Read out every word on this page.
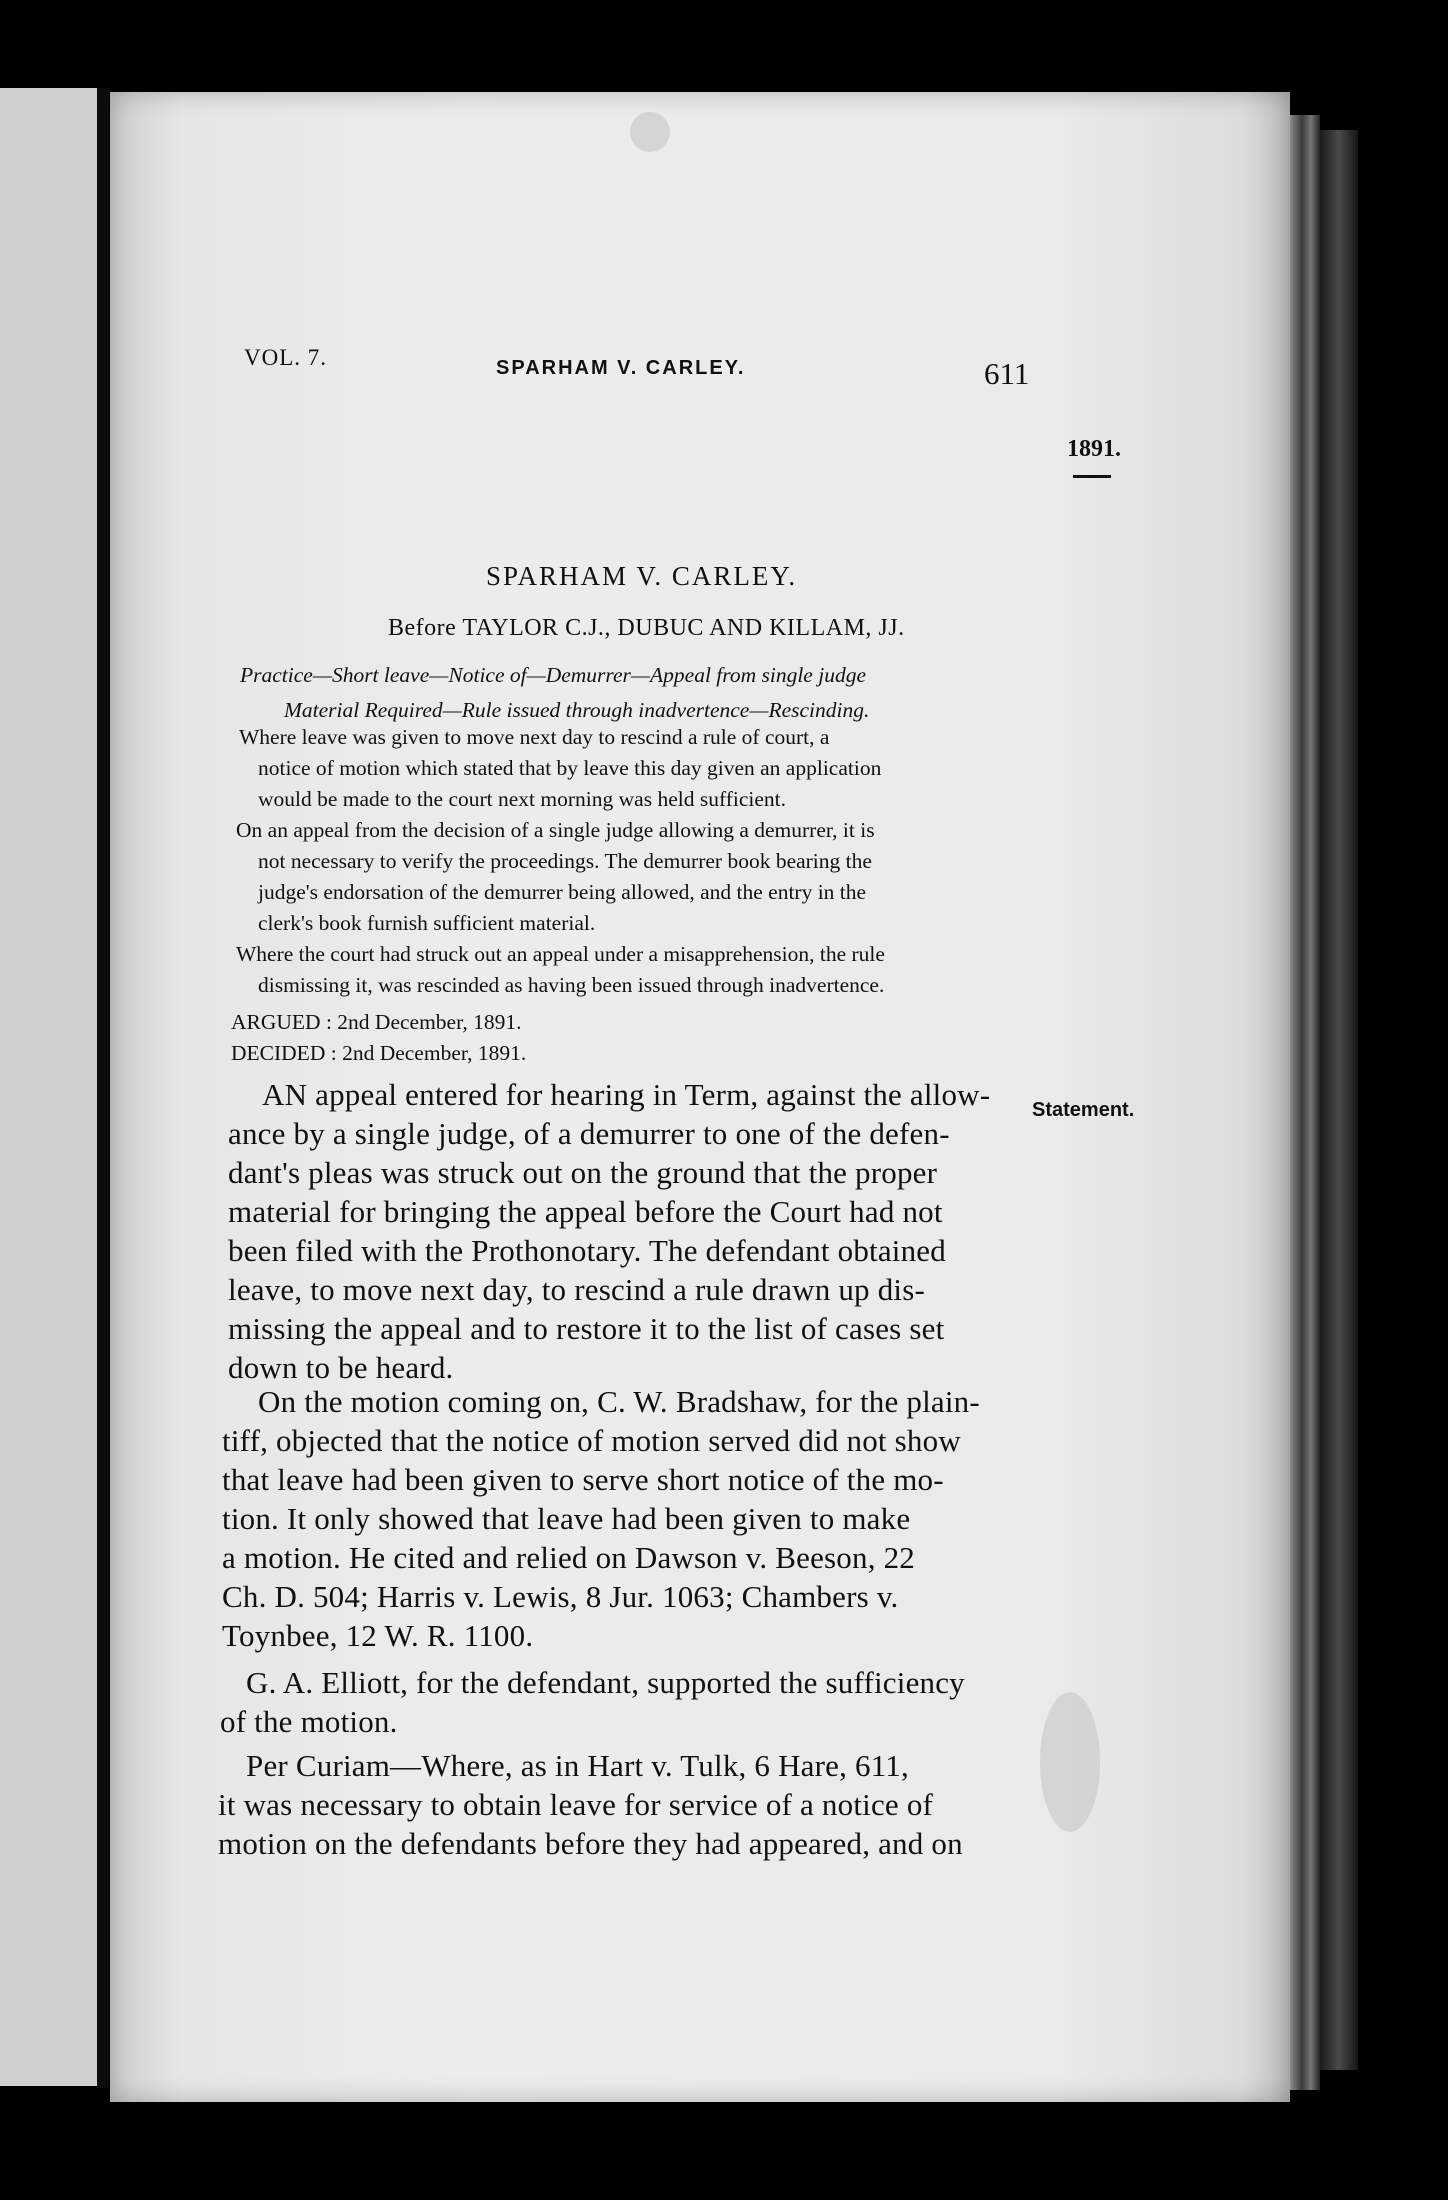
VOL. 7.	SPARHAM V. CARLEY.	611
1891.
SPARHAM V. CARLEY.
Before TAYLOR C.J., DUBUC AND KILLAM, JJ.
Practice—Short leave—Notice of—Demurrer—Appeal from single judge
Material Required—Rule issued through inadvertence—Rescinding.
Where leave was given to move next day to rescind a rule of court, a
notice of motion which stated that by leave this day given an application
would be made to the court next morning was held sufficient.
On an appeal from the decision of a single judge allowing a demurrer, it is
not necessary to verify the proceedings. The demurrer book bearing the
judge's endorsation of the demurrer being allowed, and the entry in the
clerk's book furnish sufficient material.
Where the court had struck out an appeal under a misapprehension, the rule
dismissing it, was rescinded as having been issued through inadvertence.
ARGUED : 2nd December, 1891.
DECIDED : 2nd December, 1891.
AN appeal entered for hearing in Term, against the allow-
ance by a single judge, of a demurrer to one of the defen-
dant's pleas was struck out on the ground that the proper
material for bringing the appeal before the Court had not
been filed with the Prothonotary. The defendant obtained
leave, to move next day, to rescind a rule drawn up dis-
missing the appeal and to restore it to the list of cases set
down to be heard.
Statement.
On the motion coming on, C. W. Bradshaw, for the plain-
tiff, objected that the notice of motion served did not show
that leave had been given to serve short notice of the mo-
tion. It only showed that leave had been given to make
a motion. He cited and relied on Dawson v. Beeson, 22
Ch. D. 504; Harris v. Lewis, 8 Jur. 1063; Chambers v.
Toynbee, 12 W. R. 1100.
G. A. Elliott, for the defendant, supported the sufficiency
of the motion.
Per Curiam—Where, as in Hart v. Tulk, 6 Hare, 611,
it was necessary to obtain leave for service of a notice of
motion on the defendants before they had appeared, and on
